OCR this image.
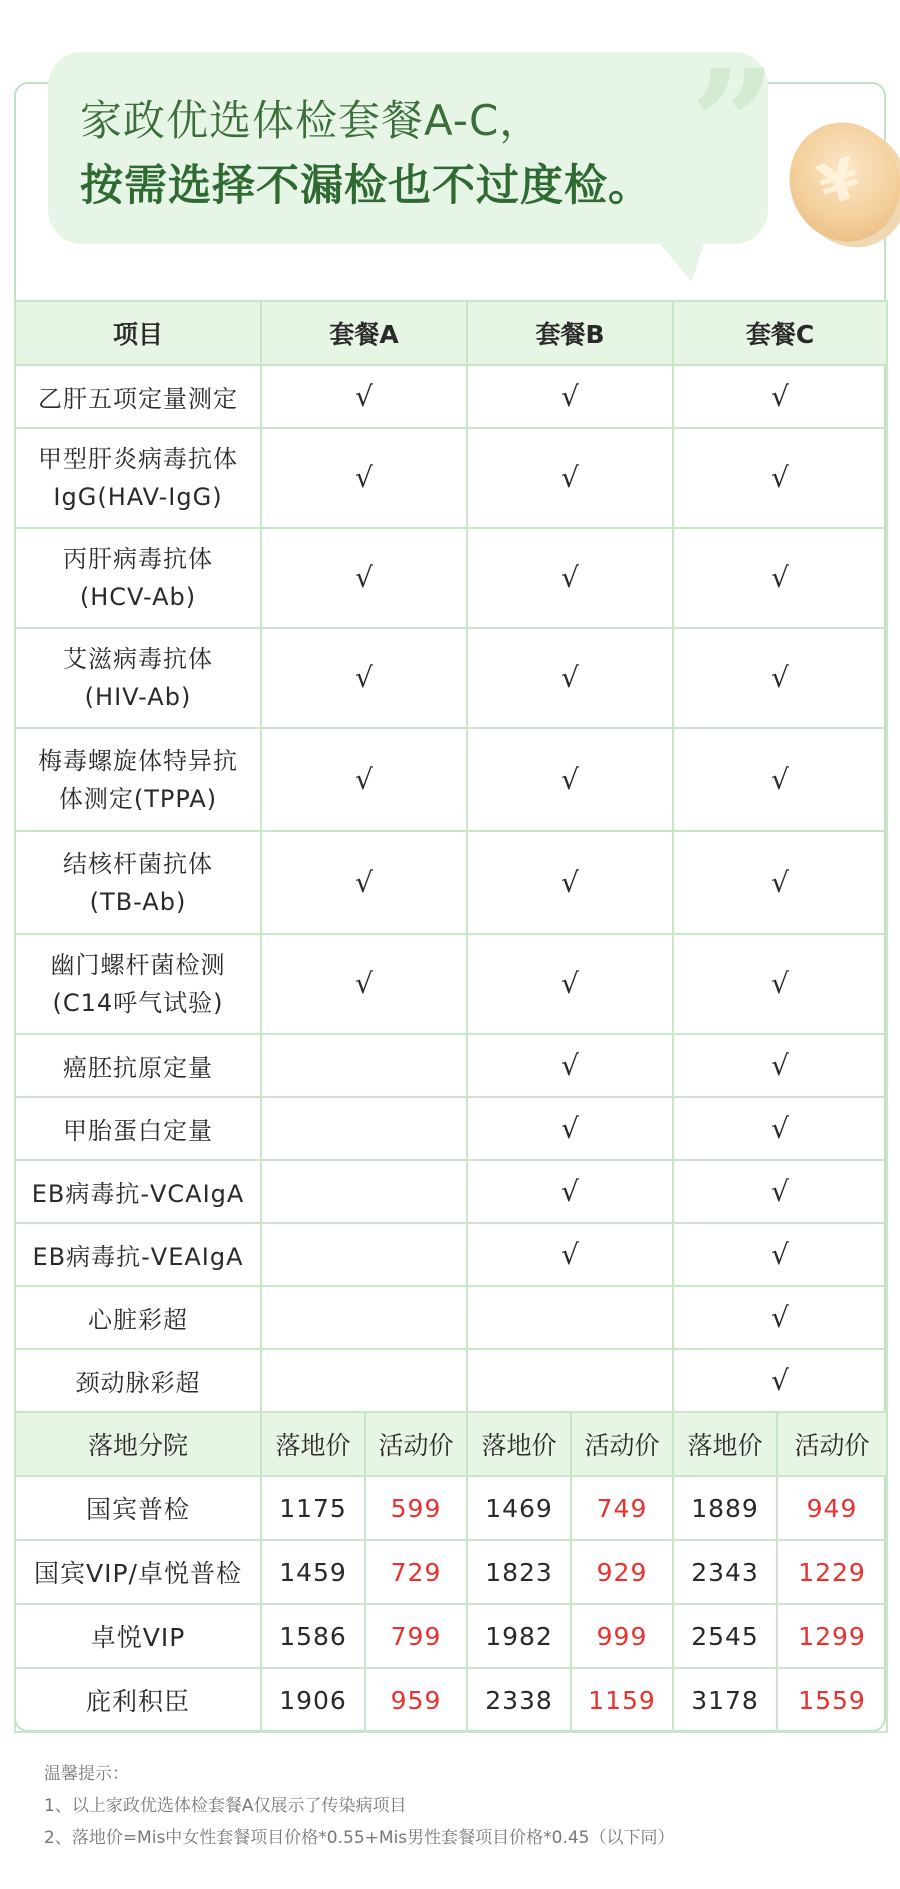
”
家政优选体检套餐A-C，
按需选择不漏检也不过度检。	¥
项目	套餐A		套餐B		套餐C	
乙肝五项定量测定	√		√		√	
甲型肝炎病毒抗体
IgG(HAV-IgG)	√		√		√	
丙肝病毒抗体
(HCV-Ab)	√		√		√	
艾滋病毒抗体
(HIV-Ab)	√		√		√	
梅毒螺旋体特异抗
体测定(TPPA)	√		√		√	
结核杆菌抗体
(TB-Ab)	√		√		√	
幽门螺杆菌检测
(C14呼气试验)	√		√		√	
癌胚抗原定量			√		√	
甲胎蛋白定量			√		√	
EB病毒抗-VCAIgA			√		√	
EB病毒抗-VEAIgA			√		√	
心脏彩超					√	
颈动脉彩超					√	
落地分院	落地价	活动价	落地价	活动价	落地价	活动价
国宾普检	1175	599	1469	749	1889	949
国宾VIP/卓悦普检	1459	729	1823	929	2343	1229
卓悦VIP	1586	799	1982	999	2545	1299
庇利积臣	1906	959	2338	1159	3178	1559
温馨提示：
1、以上家政优选体检套餐A仅展示了传染病项目
2、落地价=Mis中女性套餐项目价格*0.55+Mis男性套餐项目价格*0.45（以下同）
